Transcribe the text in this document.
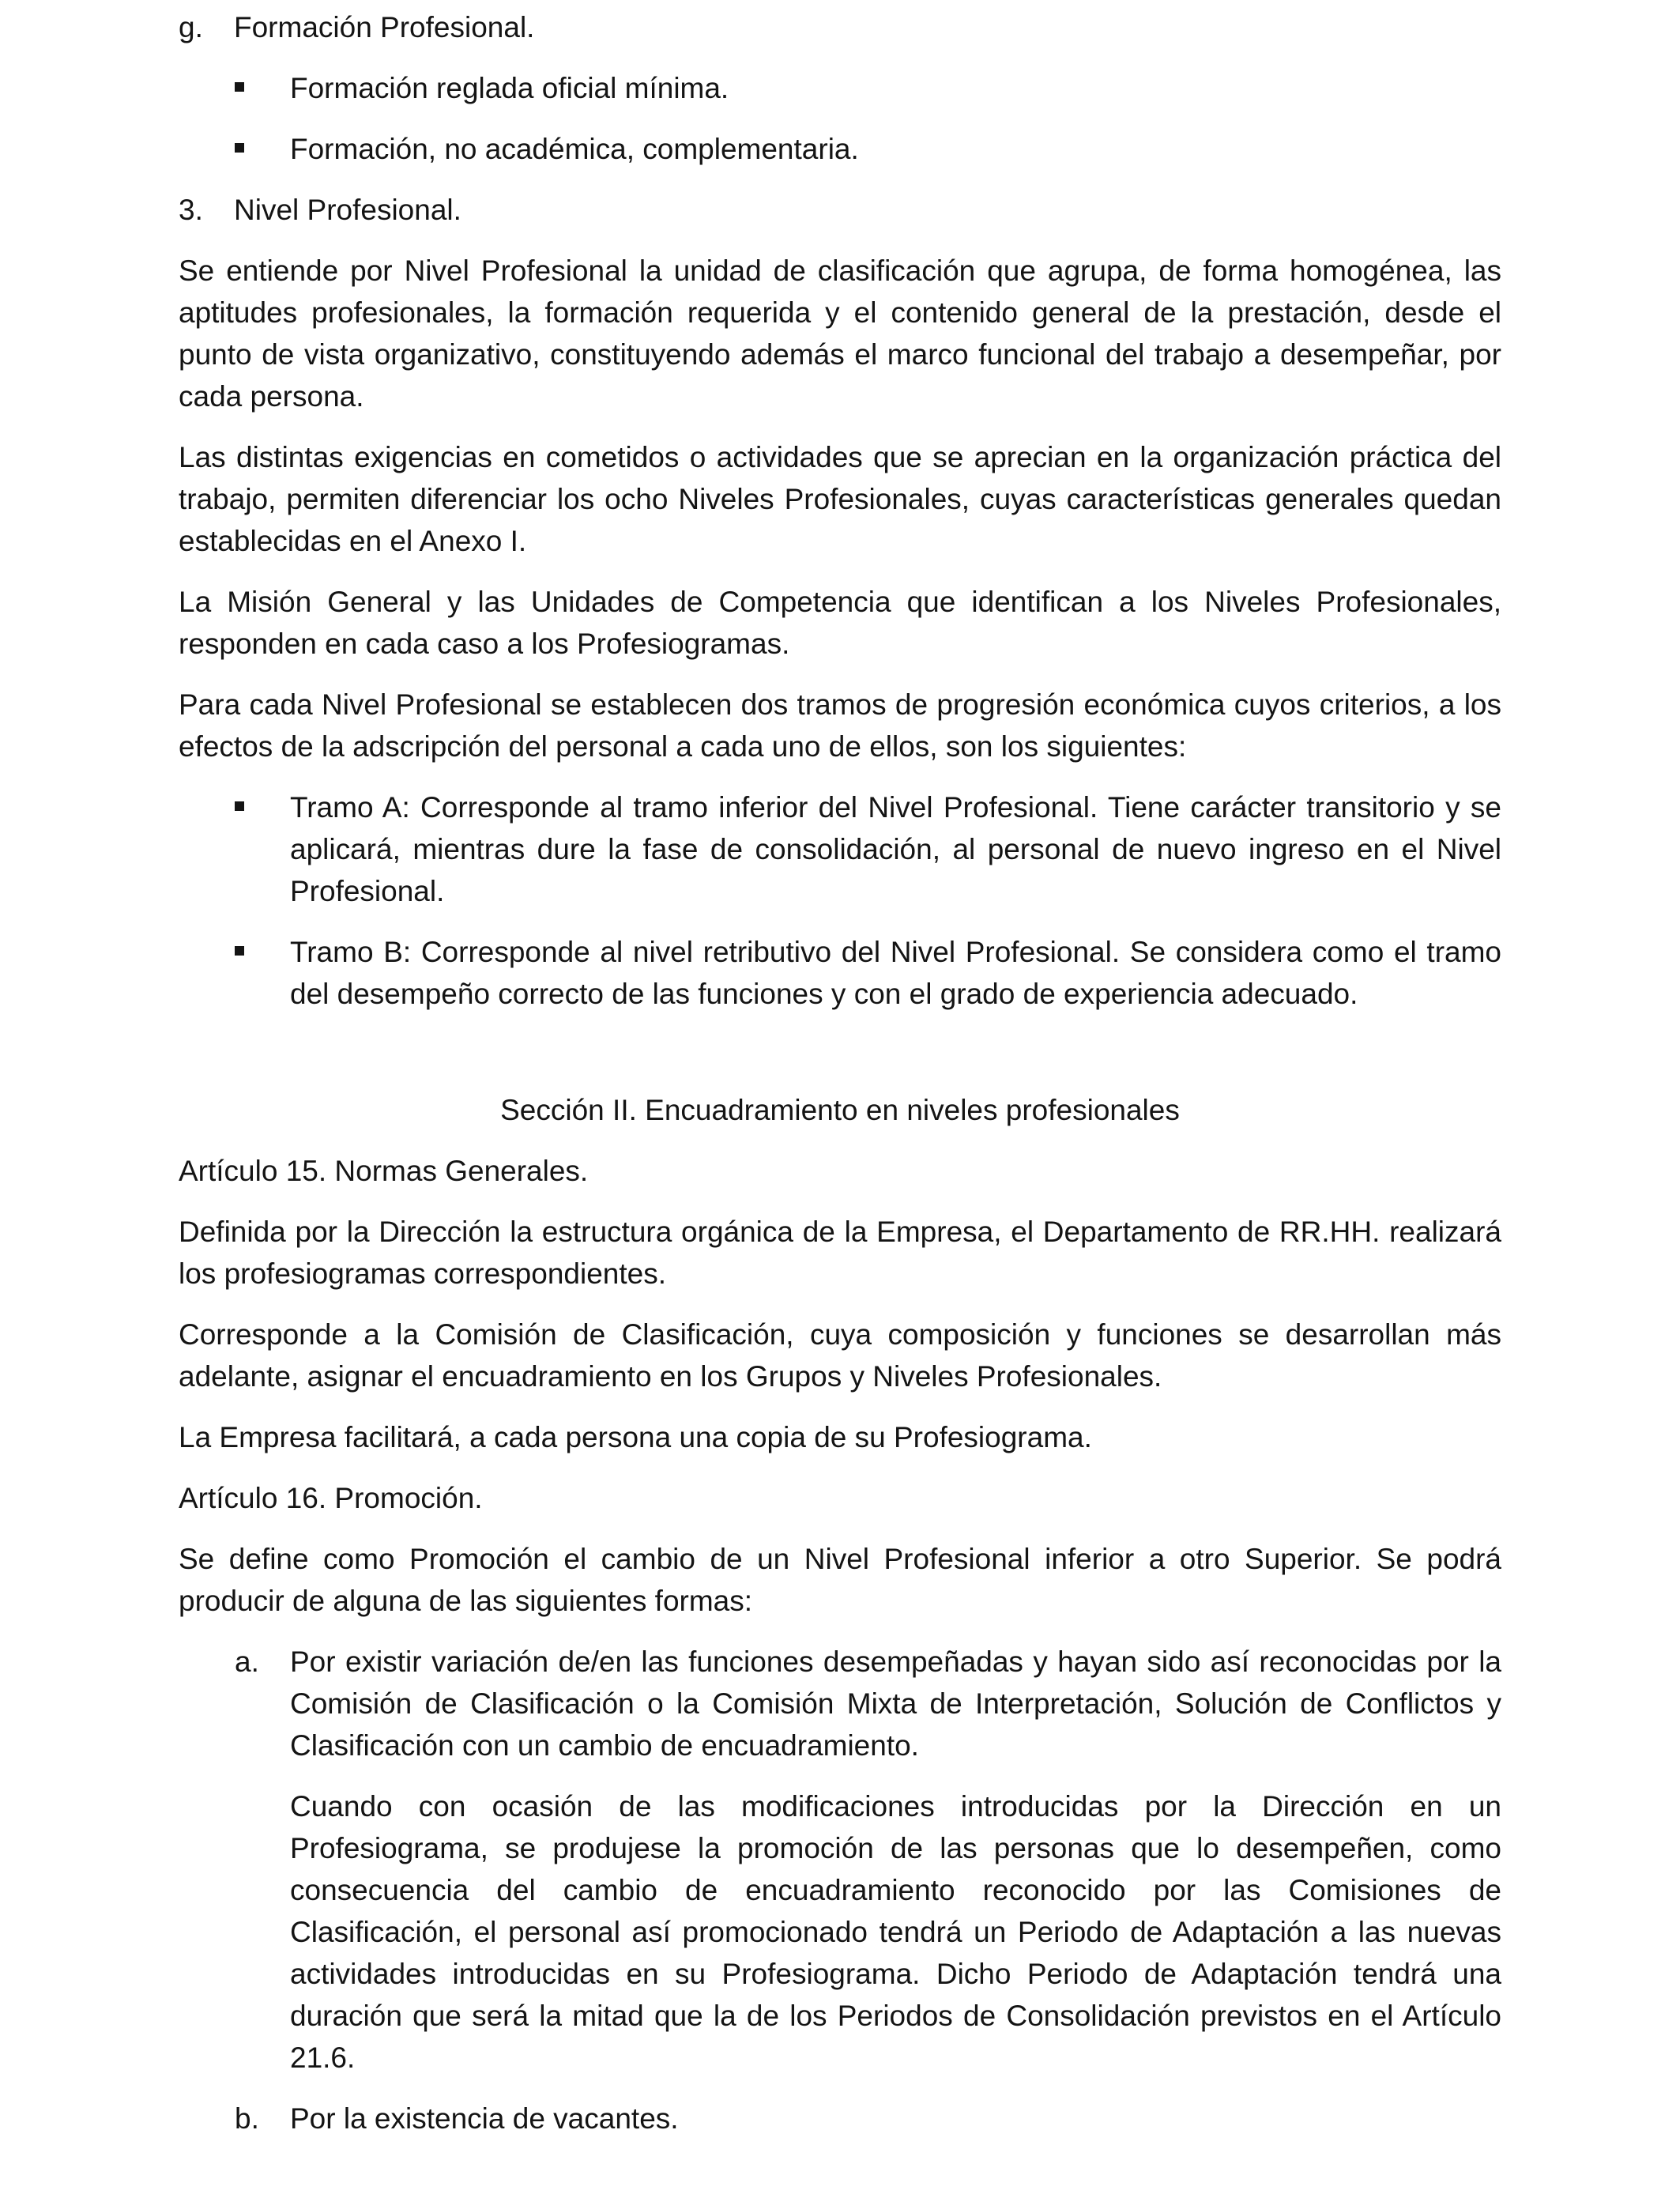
g.	Formación Profesional.
Formación reglada oficial mínima.
Formación, no académica, complementaria.
3.	Nivel Profesional.

Se entiende por Nivel Profesional la unidad de clasificación que agrupa, de forma homogénea, las aptitudes profesionales, la formación requerida y el contenido general de la prestación, desde el punto de vista organizativo, constituyendo además el marco funcional del trabajo a desempeñar, por cada persona.

Las distintas exigencias en cometidos o actividades que se aprecian en la organización práctica del trabajo, permiten diferenciar los ocho Niveles Profesionales, cuyas características generales quedan establecidas en el Anexo I.

La Misión General y las Unidades de Competencia que identifican a los Niveles Profesionales, responden en cada caso a los Profesiogramas.

Para cada Nivel Profesional se establecen dos tramos de progresión económica cuyos criterios, a los efectos de la adscripción del personal a cada uno de ellos, son los siguientes:

Tramo A: Corresponde al tramo inferior del Nivel Profesional. Tiene carácter transitorio y se aplicará, mientras dure la fase de consolidación, al personal de nuevo ingreso en el Nivel Profesional.
Tramo B: Corresponde al nivel retributivo del Nivel Profesional. Se considera como el tramo del desempeño correcto de las funciones y con el grado de experiencia adecuado.
Sección II. Encuadramiento en niveles profesionales

Artículo 15. Normas Generales.

Definida por la Dirección la estructura orgánica de la Empresa, el Departamento de RR.HH. realizará los profesiogramas correspondientes.

Corresponde a la Comisión de Clasificación, cuya composición y funciones se desarrollan más adelante, asignar el encuadramiento en los Grupos y Niveles Profesionales.

La Empresa facilitará, a cada persona una copia de su Profesiograma.

Artículo 16. Promoción.

Se define como Promoción el cambio de un Nivel Profesional inferior a otro Superior. Se podrá producir de alguna de las siguientes formas:

a.	Por existir variación de/en las funciones desempeñadas y hayan sido así reconocidas por la Comisión de Clasificación o la Comisión Mixta de Interpretación, Solución de Conflictos y Clasificación con un cambio de encuadramiento.

Cuando con ocasión de las modificaciones introducidas por la Dirección en un Profesiograma, se produjese la promoción de las personas que lo desempeñen, como consecuencia del cambio de encuadramiento reconocido por las Comisiones de Clasificación, el personal así promocionado tendrá un Periodo de Adaptación a las nuevas actividades introducidas en su Profesiograma. Dicho Periodo de Adaptación tendrá una duración que será la mitad que la de los Periodos de Consolidación previstos en el Artículo 21.6.

b.	Por la existencia de vacantes.
